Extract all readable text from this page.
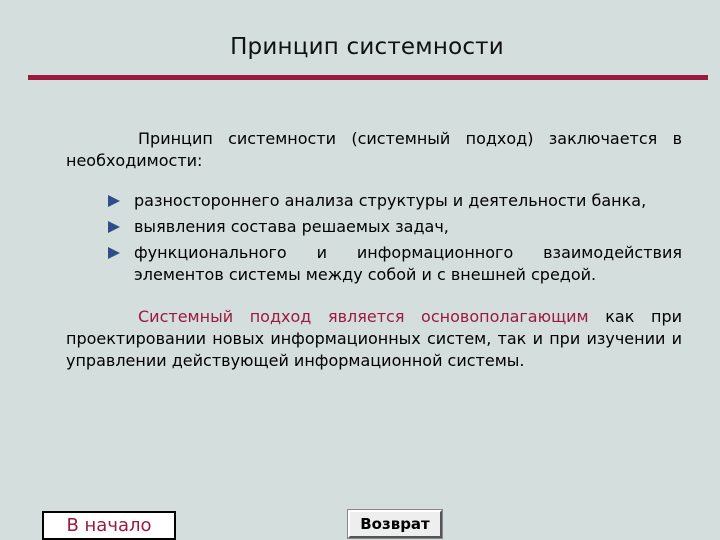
Принцип системности

Принцип системности (системный подход) заключается в необходимости:

разностороннего анализа структуры и деятельности банка,
выявления состава решаемых задач,
функционального и информационного взаимодействия элементов системы между собой и с внешней средой.

Системный подход является основополагающим как при проектировании новых информационных систем, так и при изучении и управлении действующей информационной системы.

В начало	Возврат
